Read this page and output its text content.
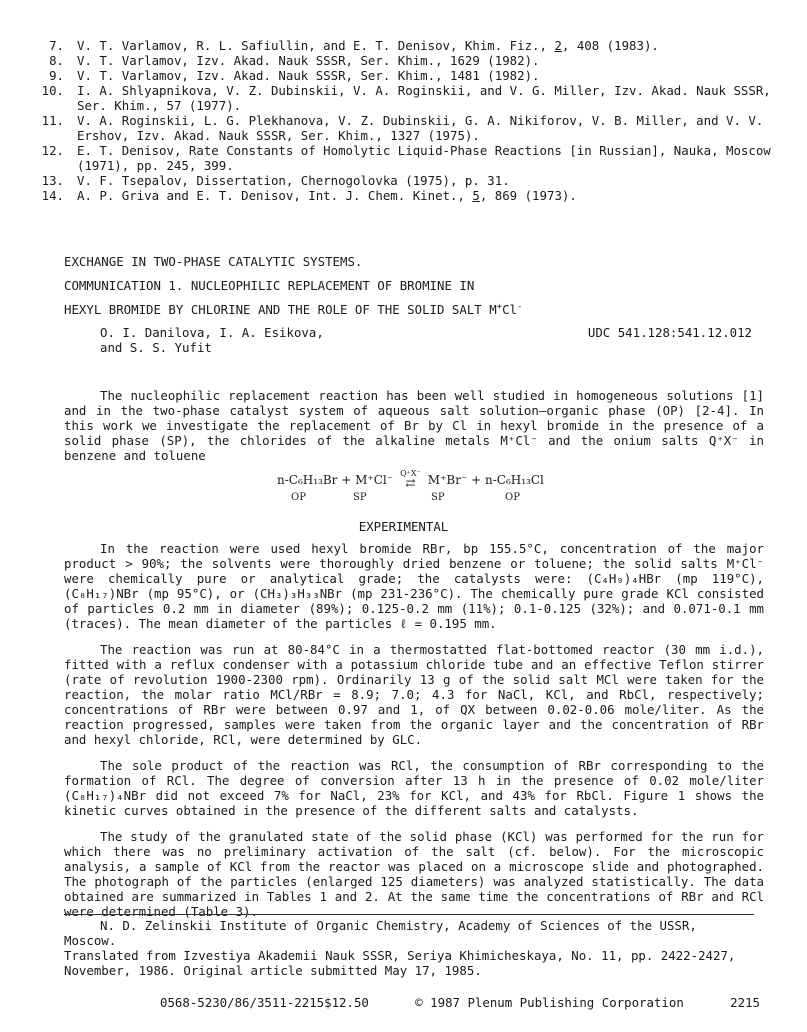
7.	V. T. Varlamov, R. L. Safiullin, and E. T. Denisov, Khim. Fiz., 2, 408 (1983).
8.	V. T. Varlamov, Izv. Akad. Nauk SSSR, Ser. Khim., 1629 (1982).
9.	V. T. Varlamov, Izv. Akad. Nauk SSSR, Ser. Khim., 1481 (1982).
10.	I. A. Shlyapnikova, V. Z. Dubinskii, V. A. Roginskii, and V. G. Miller, Izv. Akad. Nauk SSSR, Ser. Khim., 57 (1977).
11.	V. A. Roginskii, L. G. Plekhanova, V. Z. Dubinskii, G. A. Nikiforov, V. B. Miller, and V. V. Ershov, Izv. Akad. Nauk SSSR, Ser. Khim., 1327 (1975).
12.	E. T. Denisov, Rate Constants of Homolytic Liquid-Phase Reactions [in Russian], Nauka, Moscow (1971), pp. 245, 399.
13.	V. F. Tsepalov, Dissertation, Chernogolovka (1975), p. 31.
14.	A. P. Griva and E. T. Denisov, Int. J. Chem. Kinet., 5, 869 (1973).
EXCHANGE IN TWO-PHASE CATALYTIC SYSTEMS.
COMMUNICATION 1. NUCLEOPHILIC REPLACEMENT OF BROMINE IN
HEXYL BROMIDE BY CHLORINE AND THE ROLE OF THE SOLID SALT M+Cl-
O. I. Danilova, I. A. Esikova,
and S. S. Yufit
UDC 541.128:541.12.012

The nucleophilic replacement reaction has been well studied in homogeneous solutions [1] and in the two-phase catalyst system of aqueous salt solution—organic phase (OP) [2-4]. In this work we investigate the replacement of Br by Cl in hexyl bromide in the presence of a solid phase (SP), the chlorides of the alkaline metals M⁺Cl⁻ and the onium salts Q⁺X⁻ in benzene and toluene

n-C₆H₁₃Br + M⁺Cl⁻ Q⁺X⁻
⇄ M⁺Br⁻ + n-C₆H₁₃Cl
OP	SP	SP	OP
EXPERIMENTAL

In the reaction were used hexyl bromide RBr, bp 155.5°C, concentration of the major product > 90%; the solvents were thoroughly dried benzene or toluene; the solid salts M⁺Cl⁻ were chemically pure or analytical grade; the catalysts were: (C₄H₉)₄HBr (mp 119°C), (C₈H₁₇)NBr (mp 95°C), or (CH₃)₃H₃₃NBr (mp 231-236°C). The chemically pure grade KCl consisted of particles 0.2 mm in diameter (89%); 0.125-0.2 mm (11%); 0.1-0.125 (32%); and 0.071-0.1 mm (traces). The mean diameter of the particles ℓ = 0.195 mm.

The reaction was run at 80-84°C in a thermostatted flat-bottomed reactor (30 mm i.d.), fitted with a reflux condenser with a potassium chloride tube and an effective Teflon stirrer (rate of revolution 1900-2300 rpm). Ordinarily 13 g of the solid salt MCl were taken for the reaction, the molar ratio MCl/RBr = 8.9; 7.0; 4.3 for NaCl, KCl, and RbCl, respectively; concentrations of RBr were between 0.97 and 1, of QX between 0.02-0.06 mole/liter. As the reaction progressed, samples were taken from the organic layer and the concentration of RBr and hexyl chloride, RCl, were determined by GLC.

The sole product of the reaction was RCl, the consumption of RBr corresponding to the formation of RCl. The degree of conversion after 13 h in the presence of 0.02 mole/liter (C₈H₁₇)₄NBr did not exceed 7% for NaCl, 23% for KCl, and 43% for RbCl. Figure 1 shows the kinetic curves obtained in the presence of the different salts and catalysts.

The study of the granulated state of the solid phase (KCl) was performed for the run for which there was no preliminary activation of the salt (cf. below). For the microscopic analysis, a sample of KCl from the reactor was placed on a microscope slide and photographed. The photograph of the particles (enlarged 125 diameters) was analyzed statistically. The data obtained are summarized in Tables 1 and 2. At the same time the concentrations of RBr and RCl were determined (Table 3).

N. D. Zelinskii Institute of Organic Chemistry, Academy of Sciences of the USSR, Moscow.
Translated from Izvestiya Akademii Nauk SSSR, Seriya Khimicheskaya, No. 11, pp. 2422-2427,
November, 1986. Original article submitted May 17, 1985.
0568-5230/86/3511-2215$12.50	© 1987 Plenum Publishing Corporation	2215
